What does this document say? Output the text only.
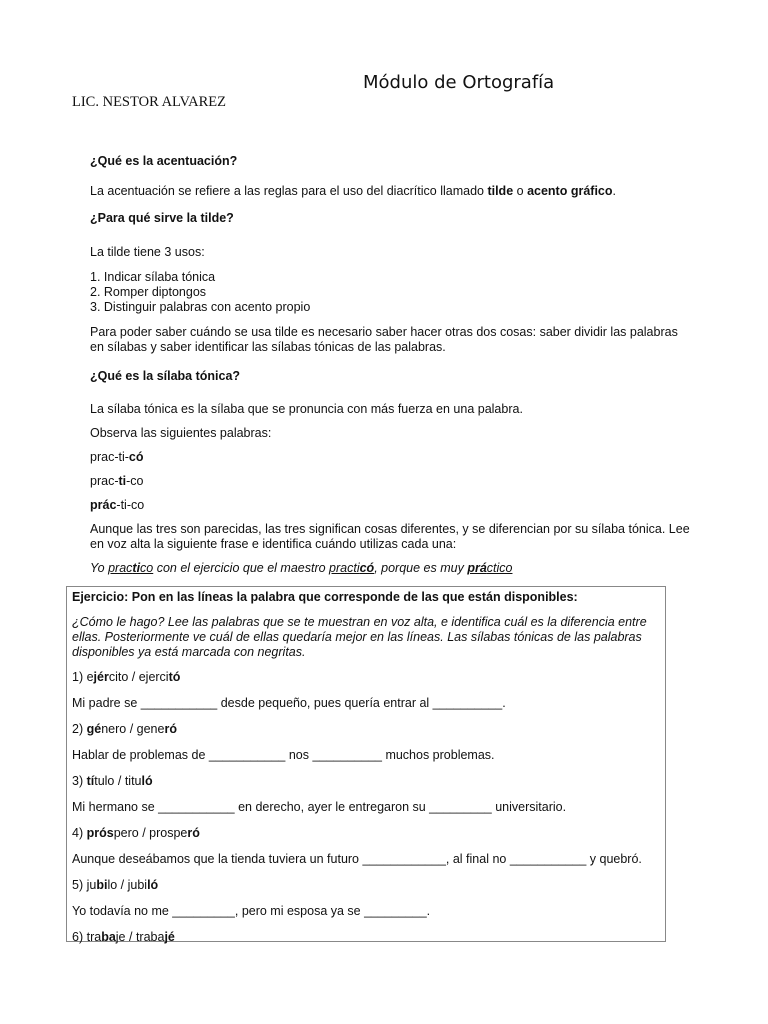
Módulo de Ortografía
LIC. NESTOR ALVAREZ
¿Qué es la acentuación?
La acentuación se refiere a las reglas para el uso del diacrítico llamado tilde o acento gráfico.
¿Para qué sirve la tilde?
La tilde tiene 3 usos:
1. Indicar sílaba tónica
2. Romper diptongos
3. Distinguir palabras con acento propio
Para poder saber cuándo se usa tilde es necesario saber hacer otras dos cosas: saber dividir las palabras en sílabas y saber identificar las sílabas tónicas de las palabras.
¿Qué es la sílaba tónica?
La sílaba tónica es la sílaba que se pronuncia con más fuerza en una palabra.
Observa las siguientes palabras:
prac-ti-có
prac-ti-co
prác-ti-co
Aunque las tres son parecidas, las tres significan cosas diferentes, y se diferencian por su sílaba tónica. Lee en voz alta la siguiente frase e identifica cuándo utilizas cada una:
Yo practico con el ejercicio que el maestro practicó, porque es muy práctico
Ejercicio: Pon en las líneas la palabra que corresponde de las que están disponibles:
¿Cómo le hago? Lee las palabras que se te muestran en voz alta, e identifica cuál es la diferencia entre ellas. Posteriormente ve cuál de ellas quedaría mejor en las líneas. Las sílabas tónicas de las palabras disponibles ya está marcada con negritas.
1) ejército / ejercitó
Mi padre se ___________ desde pequeño, pues quería entrar al __________.
2) género / generó
Hablar de problemas de ___________ nos __________ muchos problemas.
3) título / tituló
Mi hermano se ___________ en derecho, ayer le entregaron su _________ universitario.
4) próspero / prosperó
Aunque deseábamos que la tienda tuviera un futuro ____________, al final no ___________ y quebró.
5) jubilo / jubiló
Yo todavía no me _________, pero mi esposa ya se _________.
6) trabaje / trabajé
